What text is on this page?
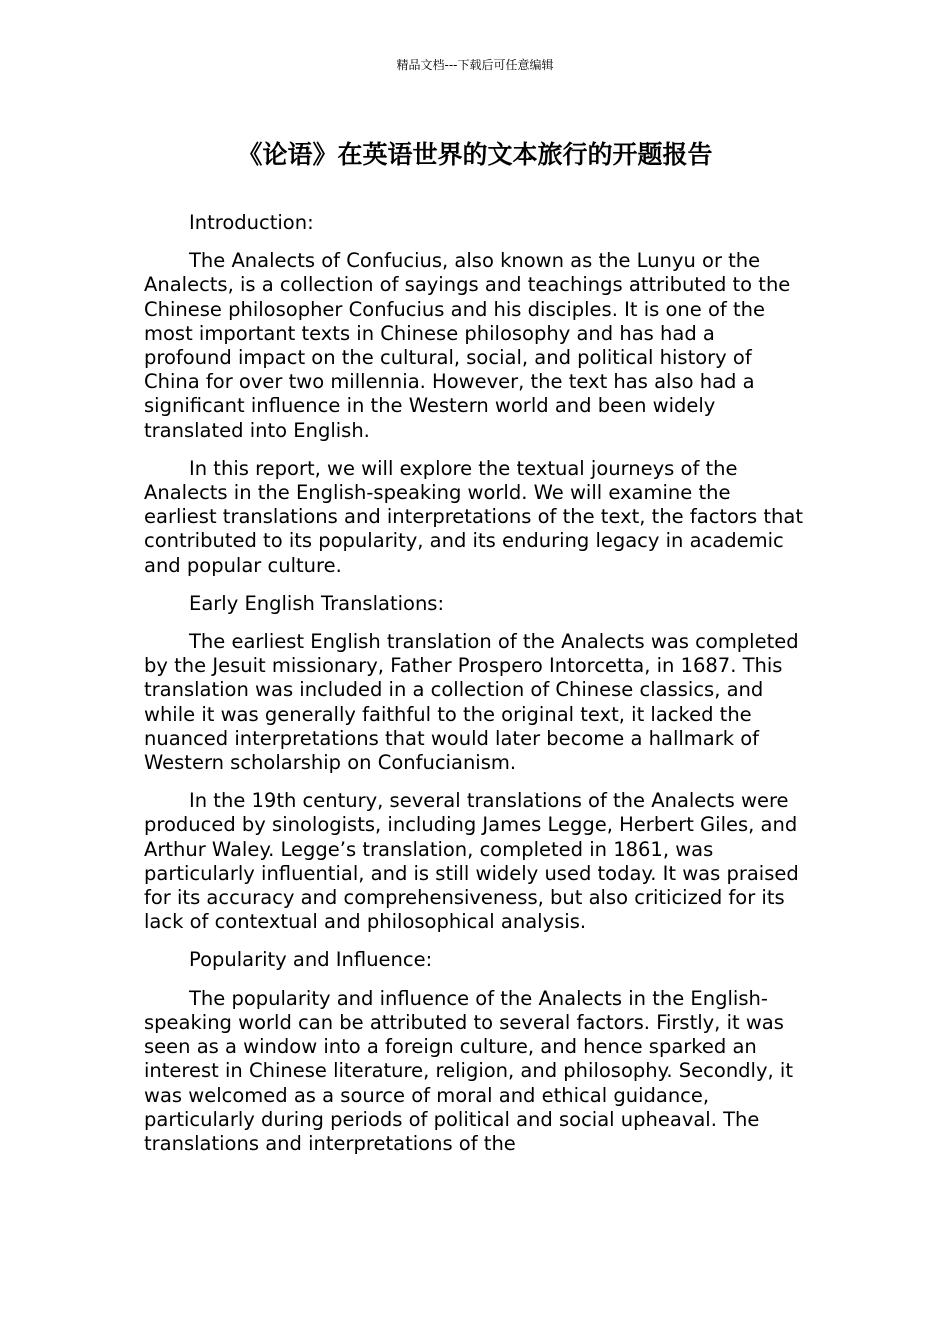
精品文档---下载后可任意编辑
《论语》在英语世界的文本旅行的开题报告

Introduction:

The Analects of Confucius, also known as the Lunyu or the Analects, is a collection of sayings and teachings attributed to the Chinese philosopher Confucius and his disciples. It is one of the most important texts in Chinese philosophy and has had a profound impact on the cultural, social, and political history of China for over two millennia. However, the text has also had a significant influence in the Western world and been widely translated into English.

In this report, we will explore the textual journeys of the Analects in the English-speaking world. We will examine the earliest translations and interpretations of the text, the factors that contributed to its popularity, and its enduring legacy in academic and popular culture.

Early English Translations:

The earliest English translation of the Analects was completed by the Jesuit missionary, Father Prospero Intorcetta, in 1687. This translation was included in a collection of Chinese classics, and while it was generally faithful to the original text, it lacked the nuanced interpretations that would later become a hallmark of Western scholarship on Confucianism.

In the 19th century, several translations of the Analects were produced by sinologists, including James Legge, Herbert Giles, and Arthur Waley. Legge’s translation, completed in 1861, was particularly influential, and is still widely used today. It was praised for its accuracy and comprehensiveness, but also criticized for its lack of contextual and philosophical analysis.

Popularity and Influence:

The popularity and influence of the Analects in the English-speaking world can be attributed to several factors. Firstly, it was seen as a window into a foreign culture, and hence sparked an interest in Chinese literature, religion, and philosophy. Secondly, it was welcomed as a source of moral and ethical guidance, particularly during periods of political and social upheaval. The translations and interpretations of the
